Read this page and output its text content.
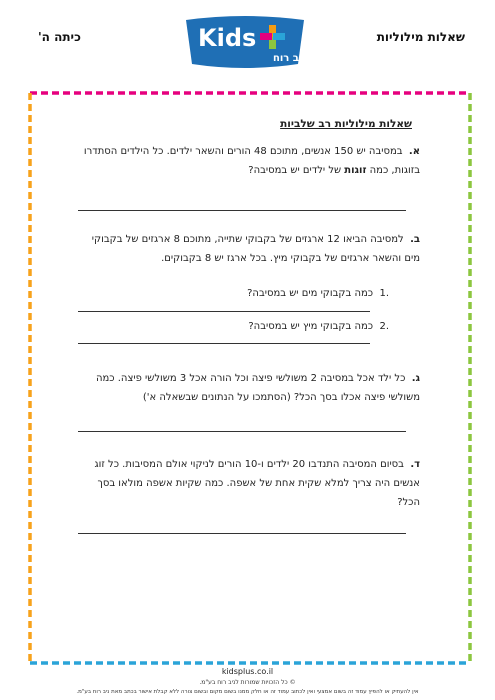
כיתה ה'	שאלות מילוליות
Kids
ניב רוח
שאלות מילוליות רב שלביות
א.  במסיבה יש 150 אנשים, מתוכם 48 הורים והשאר ילדים. כל הילדים הסתדרו
בזוגות, כמה זוגות של ילדים יש במסיבה?
ב.  למסיבה הביאו 12 ארגזים של בקבוקי שתייה, מתוכם 8 ארגזים של בקבוקי
מים והשאר ארגזים של בקבוקי מיץ. בכל ארגז יש 8 בקבוקים.
.1  כמה בקבוקי מים יש במסיבה?
.2  כמה בקבוקי מיץ יש במסיבה?
ג.  כל ילד אכל במסיבה 2 משולשי פיצה וכל הורה אכל 3 משולשי פיצה. כמה
משולשי פיצה אכלו בסך הכל? (הסתמכו על הנתונים שבשאלה א')
ד.  בסיום המסיבה התנדבו 20 ילדים ו-10 הורים לניקוי אולם המסיבות. כל זוג
אנשים היה צריך למלא שקית אחת של אשפה. כמה שקיות אשפה מולאו בסך
הכל?
kidsplus.co.il
© כל הזכויות שמורות לניב רוח בע"מ.
אין להעתיק או להפיץ עמוד זה בשום אמצעי ואין לכתוב עמוד זה או חלק ממנו בשום מקום ובשום צורה ללא קבלת אישור בכתב מאת ניב רוח בע"מ.
